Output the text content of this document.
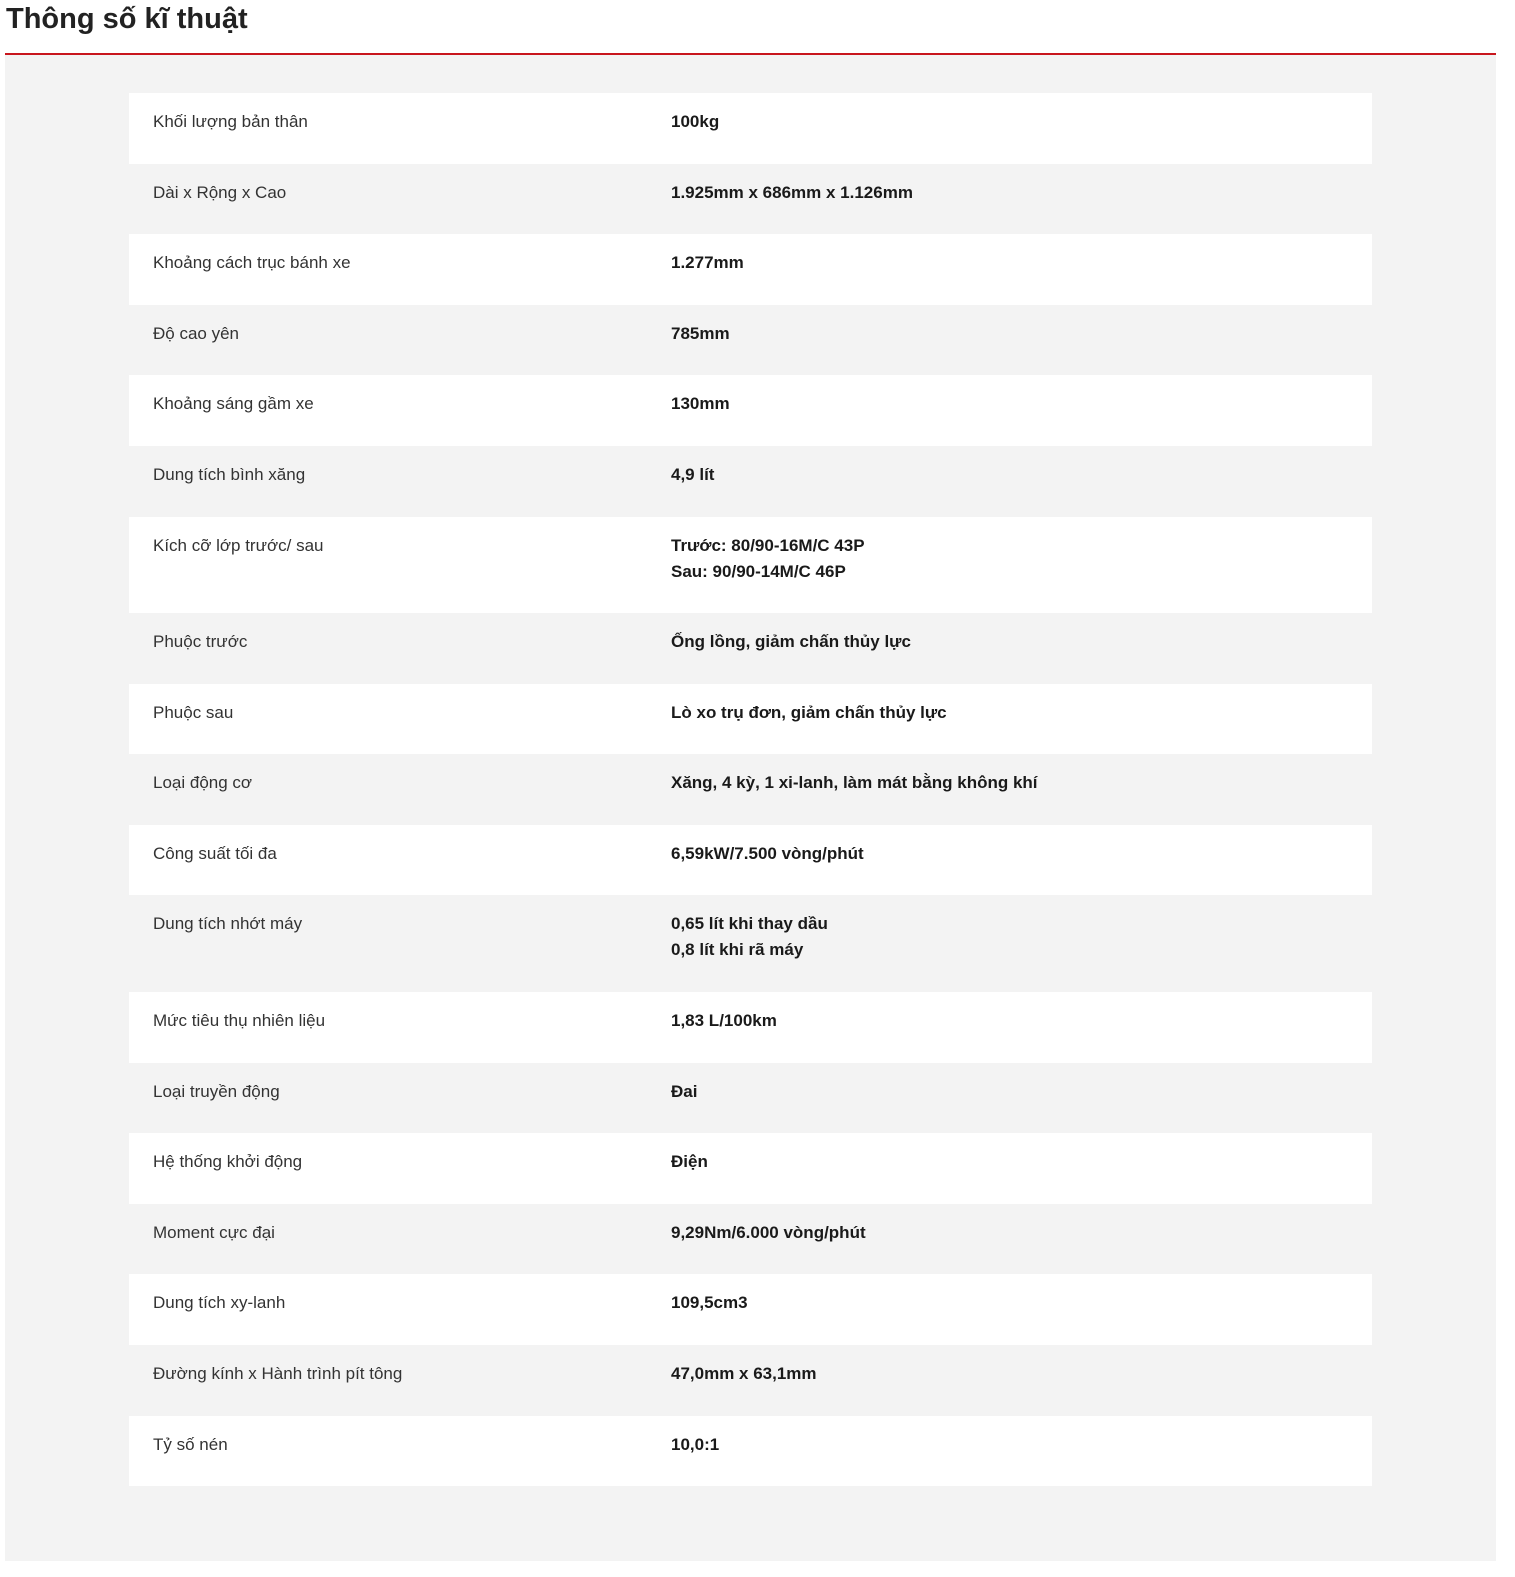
Thông số kĩ thuật
Khối lượng bản thân	100kg

Dài x Rộng x Cao	1.925mm x 686mm x 1.126mm

Khoảng cách trục bánh xe	1.277mm

Độ cao yên	785mm

Khoảng sáng gầm xe	130mm

Dung tích bình xăng	4,9 lít

Kích cỡ lớp trước/ sau	Trước: 80/90-16M/C 43P
Sau: 90/90-14M/C 46P

Phuộc trước	Ống lồng, giảm chấn thủy lực

Phuộc sau	Lò xo trụ đơn, giảm chấn thủy lực

Loại động cơ	Xăng, 4 kỳ, 1 xi-lanh, làm mát bằng không khí

Công suất tối đa	6,59kW/7.500 vòng/phút

Dung tích nhớt máy	0,65 lít khi thay dầu
0,8 lít khi rã máy

Mức tiêu thụ nhiên liệu	1,83 L/100km

Loại truyền động	Đai

Hệ thống khởi động	Điện

Moment cực đại	9,29Nm/6.000 vòng/phút

Dung tích xy-lanh	109,5cm3

Đường kính x Hành trình pít tông	47,0mm x 63,1mm

Tỷ số nén	10,0:1
